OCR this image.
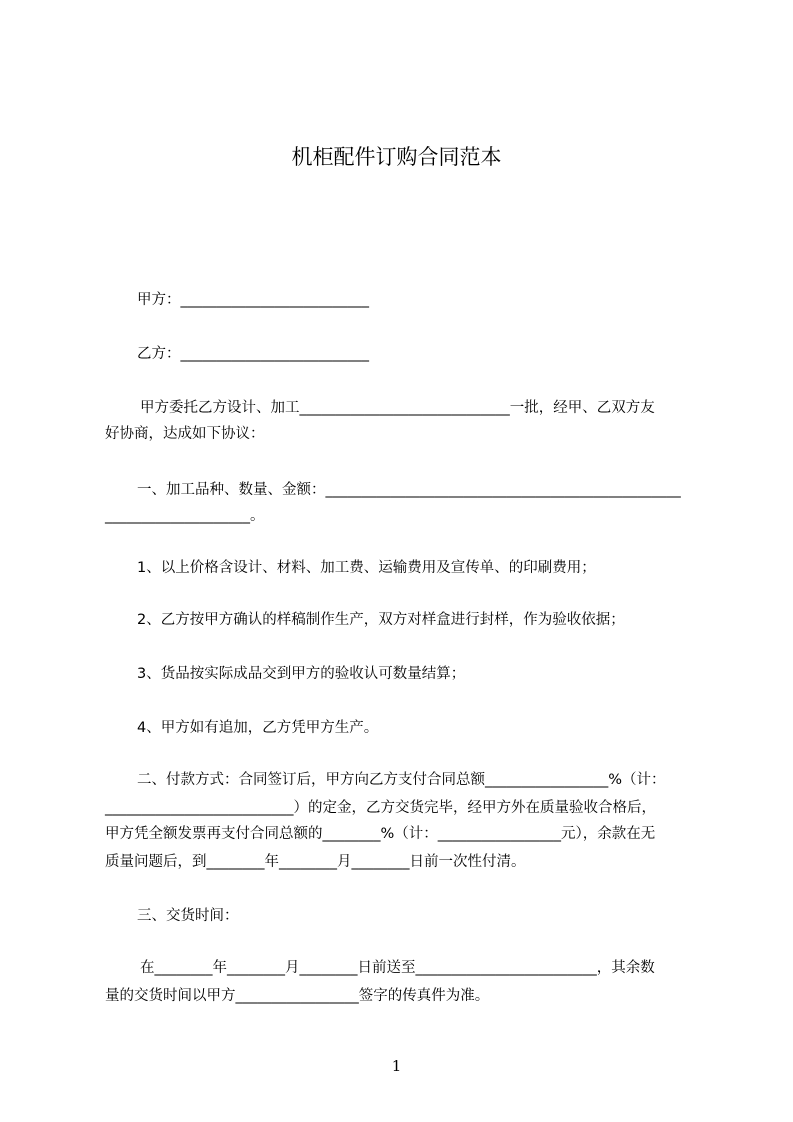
机柜配件订购合同范本
甲方：__________________________
乙方：__________________________
甲方委托乙方设计、加工_____________________________一批，经甲、乙双方友
好协商，达成如下协议：
一、加工品种、数量、金额：_________________________________________________
____________________。
1、以上价格含设计、材料、加工费、运输费用及宣传单、的印刷费用；
2、乙方按甲方确认的样稿制作生产，双方对样盒进行封样，作为验收依据；
3、货品按实际成品交到甲方的验收认可数量结算；
4、甲方如有追加，乙方凭甲方生产。
二、付款方式：合同签订后，甲方向乙方支付合同总额_________________%（计：
__________________________）的定金，乙方交货完毕，经甲方外在质量验收合格后，
甲方凭全额发票再支付合同总额的________%（计：_________________元），余款在无
质量问题后，到________年________月________日前一次性付清。
三、交货时间：
在________年________月________日前送至_________________________，其余数
量的交货时间以甲方_________________签字的传真件为准。
1
